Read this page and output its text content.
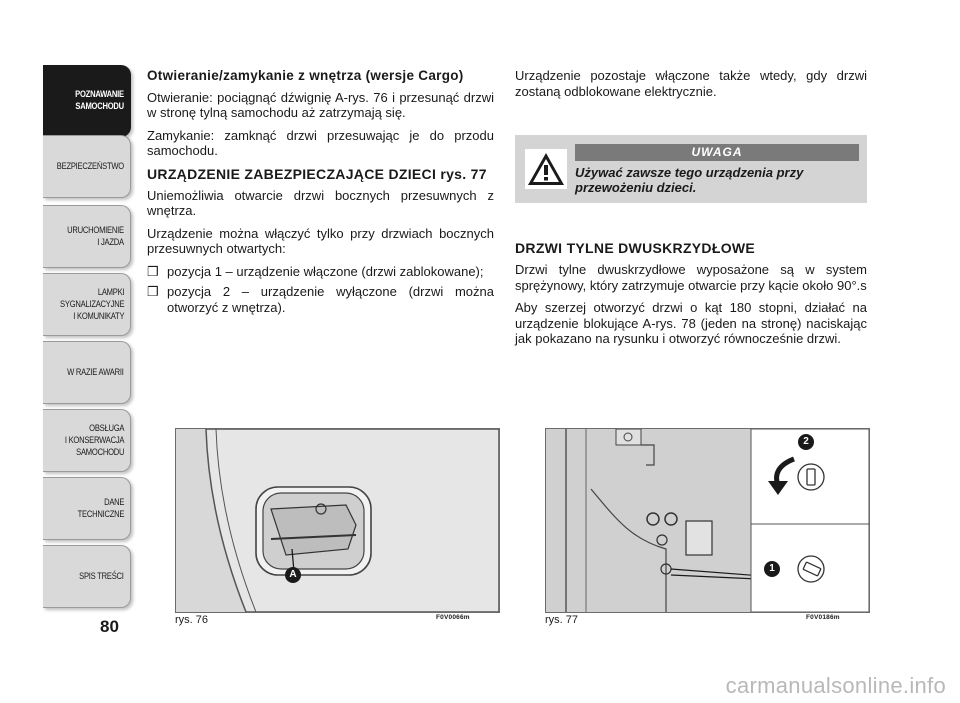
POZNAWANIE
SAMOCHODU
BEZPIECZEŃSTWO
URUCHOMIENIE
I JAZDA
LAMPKI
SYGNALIZACYJNE
I KOMUNIKATY
W RAZIE AWARII
OBSŁUGA
I KONSERWACJA
SAMOCHODU
DANE
TECHNICZNE
SPIS TREŚCI
80
Otwieranie/zamykanie z wnętrza (wersje Cargo)

Otwieranie: pociągnąć dźwignię A-rys. 76 i przesunąć drzwi w stronę tylną samochodu aż zatrzymają się.

Zamykanie: zamknąć drzwi przesuwając je do przodu samochodu.

URZĄDZENIE ZABEZPIECZAJĄCE DZIECI rys. 77

Uniemożliwia otwarcie drzwi bocznych przesuwnych z wnętrza.

Urządzenie można włączyć tylko przy drzwiach bocznych przesuwnych otwartych:

❒ pozycja 1 – urządzenie włączone (drzwi zablokowane);
❒ pozycja 2 – urządzenie wyłączone (drzwi można otworzyć z wnętrza).

Urządzenie pozostaje włączone także wtedy, gdy drzwi zostaną odblokowane elektrycznie.

UWAGA
Używać zawsze tego urządzenia przy przewożeniu dzieci.
DRZWI TYLNE DWUSKRZYDŁOWE

Drzwi tylne dwuskrzydłowe wyposażone są w system sprężynowy, który zatrzymuje otwarcie przy kącie około 90°.s

Aby szerzej otworzyć drzwi o kąt 180 stopni, działać na urządzenie blokujące A-rys. 78 (jeden na stronę) naciskając jak pokazano na rysunku i otworzyć równocześnie drzwi.

A
rys. 76	F0V0066m
2
1
rys. 77	F0V0186m
carmanualsonline.info
